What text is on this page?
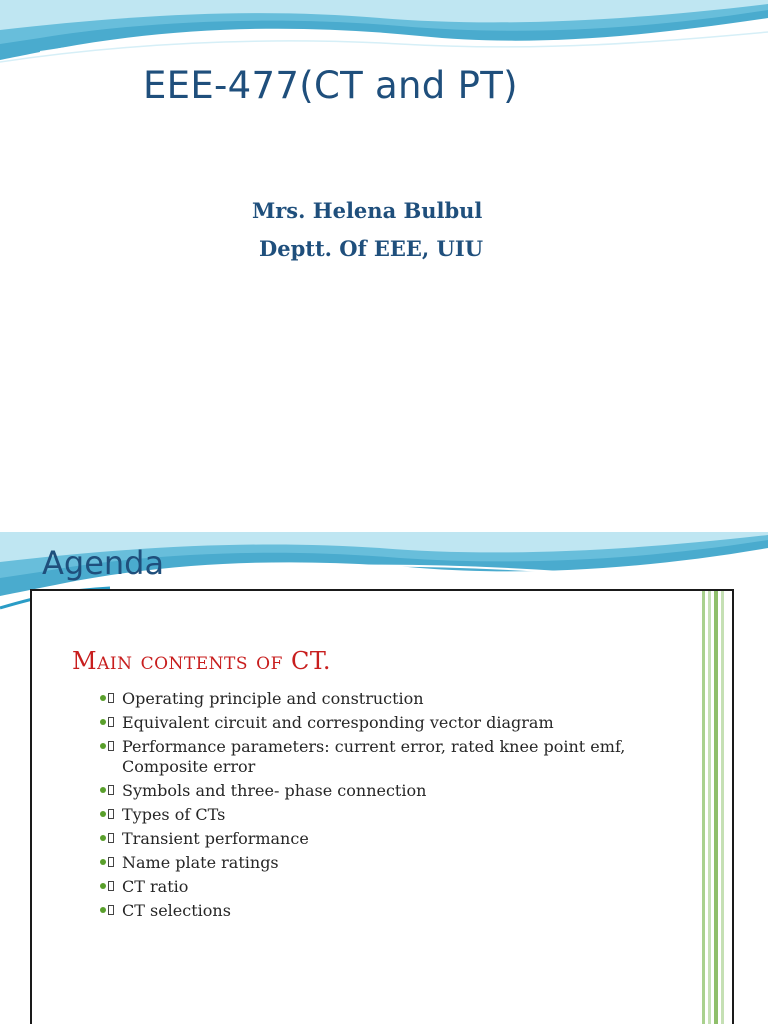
EEE-477(CT and PT)
Mrs. Helena Bulbul
Deptt. Of EEE, UIU
Agenda
Main contents of CT.
Operating principle and construction
Equivalent circuit and corresponding vector diagram
Performance parameters: current error, rated knee point emf, Composite error
Symbols and three- phase connection
Types of CTs
Transient performance
Name plate ratings
CT ratio
CT selections
